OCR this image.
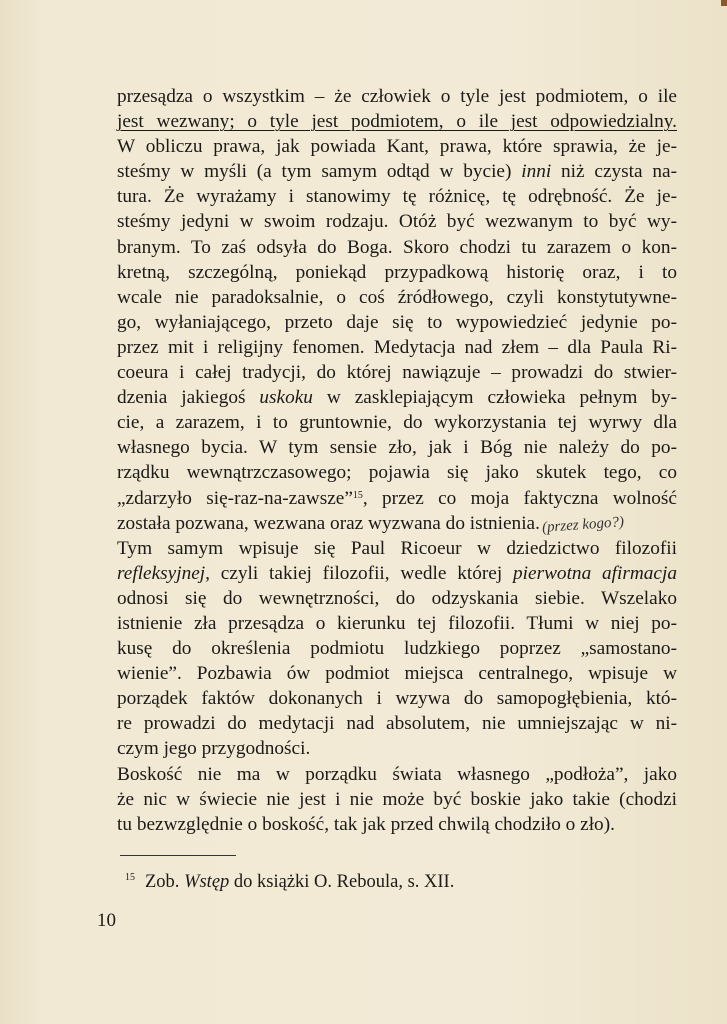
przesądza o wszystkim – że człowiek o tyle jest podmiotem, o ile
jest wezwany; o tyle jest podmiotem, o ile jest odpowiedzialny.
W obliczu prawa, jak powiada Kant, prawa, które sprawia, że je-
steśmy w myśli (a tym samym odtąd w bycie) inni niż czysta na-
tura. Że wyrażamy i stanowimy tę różnicę, tę odrębność. Że je-
steśmy jedyni w swoim rodzaju. Otóż być wezwanym to być wy-
branym. To zaś odsyła do Boga. Skoro chodzi tu zarazem o kon-
kretną, szczególną, poniekąd przypadkową historię oraz, i to
wcale nie paradoksalnie, o coś źródłowego, czyli konstytutywne-
go, wyłaniającego, przeto daje się to wypowiedzieć jedynie po-
przez mit i religijny fenomen. Medytacja nad złem – dla Paula Ri-
coeura i całej tradycji, do której nawiązuje – prowadzi do stwier-
dzenia jakiegoś uskoku w zasklepiającym człowieka pełnym by-
cie, a zarazem, i to gruntownie, do wykorzystania tej wyrwy dla
własnego bycia. W tym sensie zło, jak i Bóg nie należy do po-
rządku wewnątrzczasowego; pojawia się jako skutek tego, co
„zdarzyło się-raz-na-zawsze”$^{15}$, przez co moja faktyczna wolność
została pozwana, wezwana oraz wyzwana do istnienia. (przez kogo?)
Tym samym wpisuje się Paul Ricoeur w dziedzictwo filozofii
refleksyjnej, czyli takiej filozofii, wedle której pierwotna afirmacja
odnosi się do wewnętrzności, do odzyskania siebie. Wszelako
istnienie zła przesądza o kierunku tej filozofii. Tłumi w niej po-
kusę do określenia podmiotu ludzkiego poprzez „samostano-
wienie”. Pozbawia ów podmiot miejsca centralnego, wpisuje w
porządek faktów dokonanych i wzywa do samopogłębienia, któ-
re prowadzi do medytacji nad absolutem, nie umniejszając w ni-
czym jego przygodności.
Boskość nie ma w porządku świata własnego „podłoża”, jako
że nic w świecie nie jest i nie może być boskie jako takie (chodzi
tu bezwzględnie o boskość, tak jak przed chwilą chodziło o zło).
$^{15}$ Zob. Wstęp do książki O. Reboula, s. XII.
10
